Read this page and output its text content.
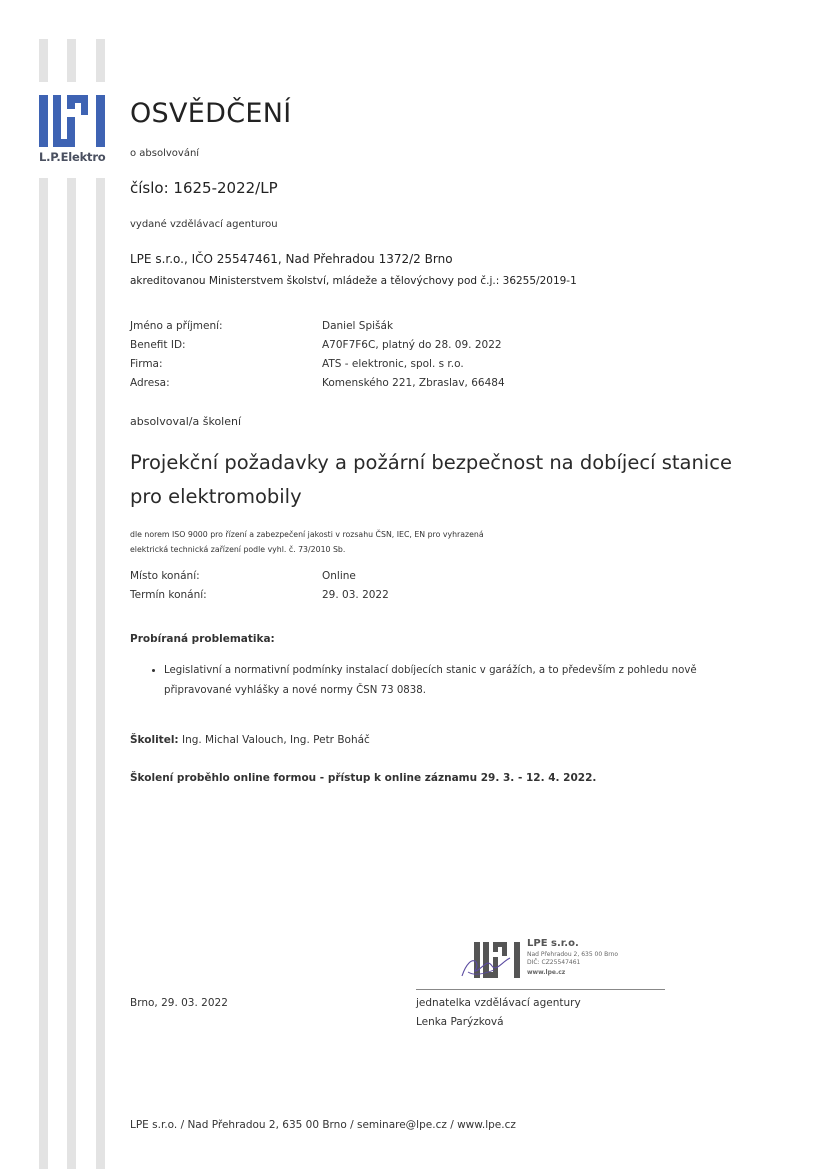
L.P.Elektro
OSVĚDČENÍ
o absolvování
číslo: 1625-2022/LP
vydané vzdělávací agenturou
LPE s.r.o., IČO 25547461, Nad Přehradou 1372/2 Brno
akreditovanou Ministerstvem školství, mládeže a tělovýchovy pod č.j.: 36255/2019-1
Jméno a příjmení:	Daniel Spišák
Benefit ID:	A70F7F6C, platný do 28. 09. 2022
Firma:	ATS - elektronic, spol. s r.o.
Adresa:	Komenského 221, Zbraslav, 66484
absolvoval/a školení
Projekční požadavky a požární bezpečnost na dobíjecí stanice pro elektromobily
dle norem ISO 9000 pro řízení a zabezpečení jakosti v rozsahu ČSN, IEC, EN pro vyhrazená
elektrická technická zařízení podle vyhl. č. 73/2010 Sb.
Místo konání:	Online
Termín konání:	29. 03. 2022
Probíraná problematika:
• Legislativní a normativní podmínky instalací dobíjecích stanic v garážích, a to především z pohledu nově připravované vyhlášky a nové normy ČSN 73 0838.
Školitel: Ing. Michal Valouch, Ing. Petr Boháč
Školení proběhlo online formou - přístup k online záznamu 29. 3. - 12. 4. 2022.
LPE s.r.o.
Nad Přehradou 2, 635 00 Brno
DIČ: CZ25547461
www.lpe.cz
Brno, 29. 03. 2022	jednatelka vzdělávací agentury
Lenka Parýzková
LPE s.r.o. / Nad Přehradou 2, 635 00 Brno / seminare@lpe.cz / www.lpe.cz
